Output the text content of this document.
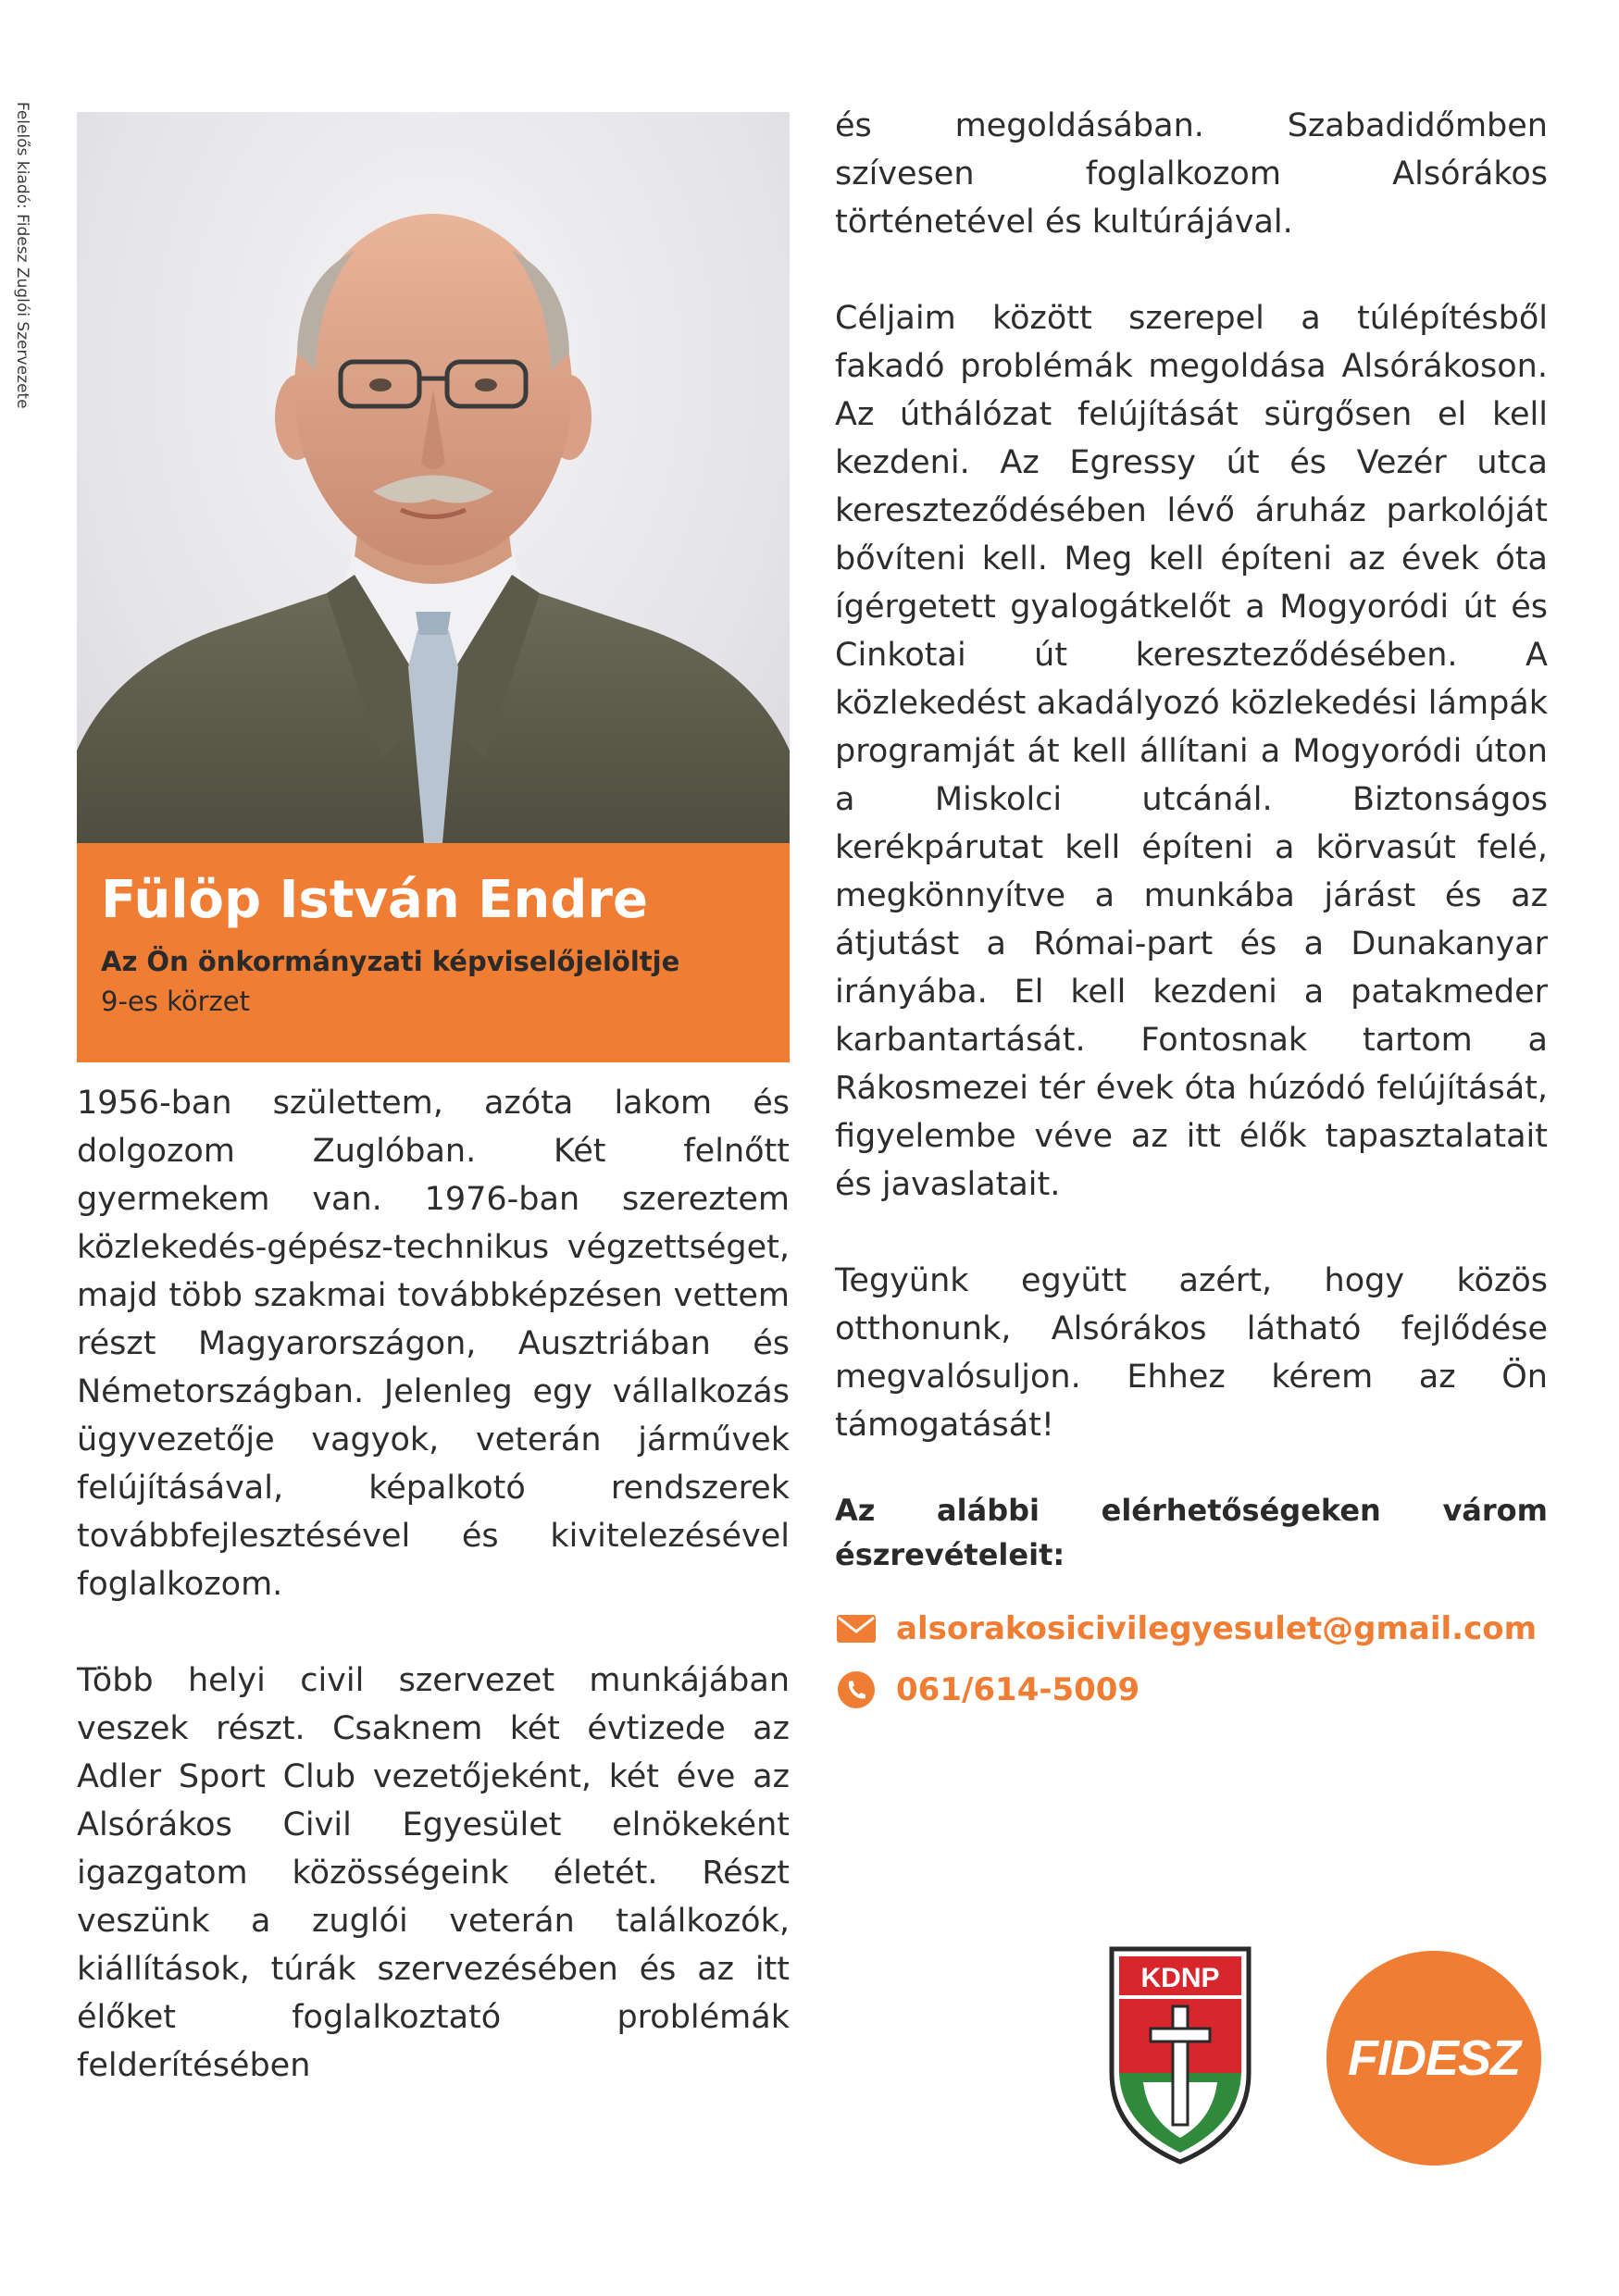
Felelős kiadó: Fidesz Zuglói Szervezete
Fülöp István Endre
Az Ön önkormányzati képviselőjelöltje
9-es körzet

1956-ban születtem, azóta lakom és dolgozom Zuglóban. Két felnőtt gyermekem van. 1976-ban szereztem közlekedés-gépész-technikus végzettséget, majd több szakmai továbbképzésen vettem részt Magyarországon, Ausztriában és Németországban. Jelenleg egy vállalkozás ügyvezetője vagyok, veterán járművek felújításával, képalkotó rendszerek továbbfejlesztésével és kivitelezésével foglalkozom.

Több helyi civil szervezet munkájában veszek részt. Csaknem két évtizede az Adler Sport Club vezetőjeként, két éve az Alsórákos Civil Egyesület elnökeként igazgatom közösségeink életét. Részt veszünk a zuglói veterán találkozók, kiállítások, túrák szervezésében és az itt élőket foglalkoztató problémák felderítésében

és megoldásában. Szabadidőmben szívesen foglalkozom Alsórákos történetével és kultúrájával.

Céljaim között szerepel a túlépítésből fakadó problémák megoldása Alsórákoson. Az úthálózat felújítását sürgősen el kell kezdeni. Az Egressy út és Vezér utca kereszteződésében lévő áruház parkolóját bővíteni kell. Meg kell építeni az évek óta ígérgetett gyalogátkelőt a Mogyoródi út és Cinkotai út kereszteződésében. A közlekedést akadályozó közlekedési lámpák programját át kell állítani a Mogyoródi úton a Miskolci utcánál. Biztonságos kerékpárutat kell építeni a körvasút felé, megkönnyítve a munkába járást és az átjutást a Római-part és a Dunakanyar irányába. El kell kezdeni a patakmeder karbantartását. Fontosnak tartom a Rákosmezei tér évek óta húzódó felújítását, figyelembe véve az itt élők tapasztalatait és javaslatait.

Tegyünk együtt azért, hogy közös otthonunk, Alsórákos látható fejlődése megvalósuljon. Ehhez kérem az Ön támogatását!

Az alábbi elérhetőségeken várom észrevételeit:
alsorakosicivilegyesulet@gmail.com
061/614-5009
KDNP
FIDESZ
